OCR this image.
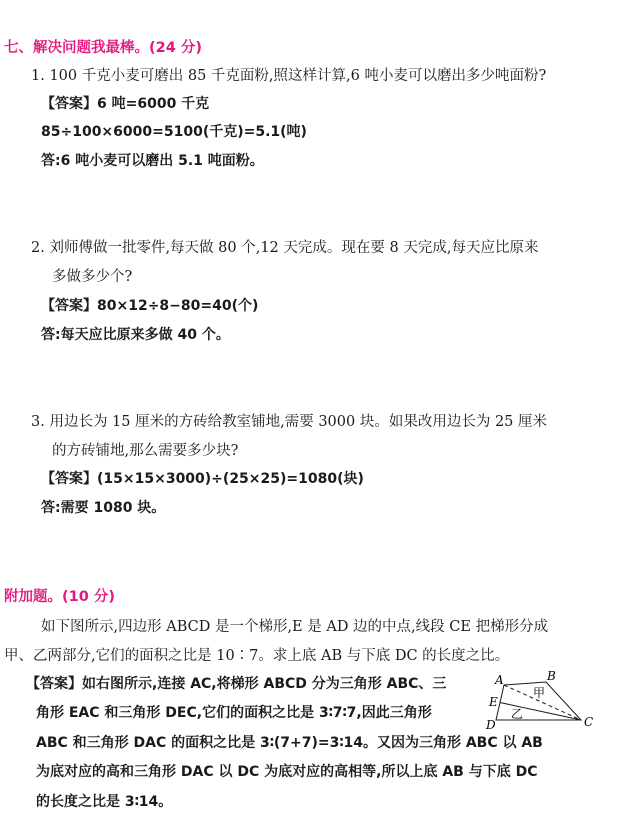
七、解决问题我最棒。(24 分)
1. 100 千克小麦可磨出 85 千克面粉,照这样计算,6 吨小麦可以磨出多少吨面粉?
【答案】6 吨=6000 千克
85÷100×6000=5100(千克)=5.1(吨)
答:6 吨小麦可以磨出 5.1 吨面粉。
2. 刘师傅做一批零件,每天做 80 个,12 天完成。现在要 8 天完成,每天应比原来
多做多少个?
【答案】80×12÷8−80=40(个)
答:每天应比原来多做 40 个。
3. 用边长为 15 厘米的方砖给教室铺地,需要 3000 块。如果改用边长为 25 厘米
的方砖铺地,那么需要多少块?
【答案】(15×15×3000)÷(25×25)=1080(块)
答:需要 1080 块。
附加题。(10 分)
如下图所示,四边形 ABCD 是一个梯形,E 是 AD 边的中点,线段 CE 把梯形分成
甲、乙两部分,它们的面积之比是 10∶7。求上底 AB 与下底 DC 的长度之比。
【答案】如右图所示,连接 AC,将梯形 ABCD 分为三角形 ABC、三
角形 EAC 和三角形 DEC,它们的面积之比是 3∶7∶7,因此三角形
ABC 和三角形 DAC 的面积之比是 3∶(7+7)=3∶14。又因为三角形 ABC 以 AB
为底对应的高和三角形 DAC 以 DC 为底对应的高相等,所以上底 AB 与下底 DC
的长度之比是 3∶14。
A	B
C
D
E
甲
乙
